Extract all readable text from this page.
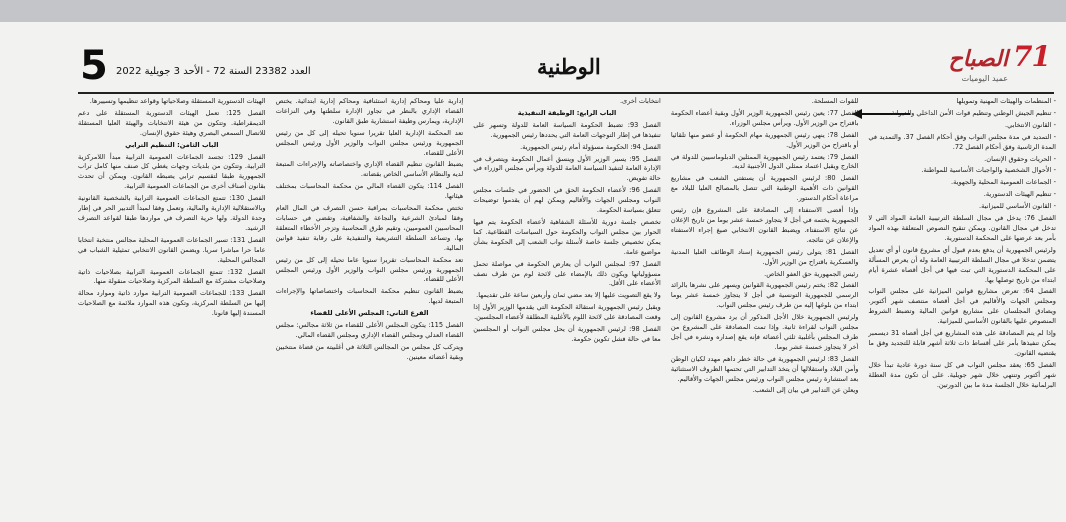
5 العدد 23382 السنة 72 - الأحد 3 جويلية 2022	الوطنية	71
الصباح
عميد اليوميات

- المنظمات والهيئات المهنية وتمويلها

- تنظيم الجيش الوطني وتنظيم قوات الأمن الداخلي والديوانة.

- القانون الانتخابي.

- التمديد في مدة مجلس النواب وفق أحكام الفصل 37. والتمديد في المدة الرئاسية وفق أحكام الفصل 72.

- الحريات وحقوق الإنسان.

- الأحوال الشخصية والواجبات الأساسية للمواطنة.

- الجماعات العمومية المحلية والجهوية.

- تنظيم الهيئات الدستورية.

- القانون الأساسي للميزانية.

الفصل 76: يدخل في مجال السلطة الترتيبية العامة المواد التي لا تدخل في مجال القانون. ويمكن تنقيح النصوص المتعلقة بهذه المواد بأمر بعد عرضها على المحكمة الدستورية.

ولرئيس الجمهورية أن يدفع بعدم قبول أي مشروع قانون أو أي تعديل يتضمن تدخلا في مجال السلطة الترتيبية العامة وله أن يعرض المسألة على المحكمة الدستورية التي تبت فيها في أجل أقصاه عشرة أيام ابتداء من تاريخ توصلها بها.

الفصل 64: تعرض مشاريع قوانين الميزانية على مجلس النواب ومجلس الجهات والأقاليم في أجل أقصاه منتصف شهر أكتوبر. ويصادق المجلسان على مشاريع قوانين المالية وتضبط الشروط المنصوص عليها بالقانون الأساسي للميزانية.

وإذا لم يتم المصادقة على هذه المشاريع في أجل أقصاه 31 ديسمبر يمكن تنفيذها بأمر على أقساط ذات ثلاثة أشهر قابلة للتجديد وفق ما يقتضيه القانون.

الفصل 65: يعقد مجلس النواب في كل سنة دورة عادية تبدأ خلال شهر أكتوبر وتنتهي خلال شهر جويلية. على أن تكون مدة العطلة البرلمانية خلال الجلسة مدة ما بين الدورتين.

للقوات المسلحة.

الفصل 77: يعين رئيس الجمهورية الوزير الأول وبقية أعضاء الحكومة باقتراح من الوزير الأول. ويرأس مجلس الوزراء.

الفصل 78: ينهي رئيس الجمهورية مهام الحكومة أو عضو منها تلقائيا أو باقتراح من الوزير الأول.

الفصل 79: يعتمد رئيس الجمهورية الممثلين الدبلوماسيين للدولة في الخارج ويقبل اعتماد ممثلي الدول الأجنبية لديه.

الفصل 80: لرئيس الجمهورية أن يستفتي الشعب في مشاريع القوانين ذات الأهمية الوطنية التي تتصل بالمصالح العليا للبلاد مع مراعاة أحكام الدستور.

وإذا أفضى الاستفتاء إلى المصادقة على المشروع فإن رئيس الجمهورية يختمه في أجل لا يتجاوز خمسة عشر يوما من تاريخ الإعلان عن نتائج الاستفتاء. ويضبط القانون الانتخابي صيغ إجراء الاستفتاء والإعلان عن نتائجه.

الفصل 81: يتولى رئيس الجمهورية إسناد الوظائف العليا المدنية والعسكرية باقتراح من الوزير الأول.

رئيس الجمهورية حق العفو الخاص.

الفصل 82: يختم رئيس الجمهورية القوانين ويسهر على نشرها بالرائد الرسمي للجمهورية التونسية في أجل لا يتجاوز خمسة عشر يوما ابتداء من بلوغها إليه من طرف رئيس مجلس النواب.

ولرئيس الجمهورية خلال الأجل المذكور أن يرد مشروع القانون إلى مجلس النواب لقراءة ثانية. وإذا تمت المصادقة على المشروع من طرف المجلس بأغلبية ثلثي أعضائه فإنه يقع إصداره ونشره في أجل آخر لا يتجاوز خمسة عشر يوما.

الفصل 83: لرئيس الجمهورية في حالة خطر داهم مهدد لكيان الوطن وأمن البلاد واستقلالها أن يتخذ التدابير التي تحتمها الظروف الاستثنائية بعد استشارة رئيس مجلس النواب ورئيس مجلس الجهات والأقاليم.

ويعلن عن التدابير في بيان إلى الشعب.

انتخابات أخرى.

الباب الرابع: الوظيفة التنفيذية

الفصل 93: تضبط الحكومة السياسة العامة للدولة وتسهر على تنفيذها في إطار التوجهات العامة التي يحددها رئيس الجمهورية.

الفصل 94: الحكومة مسؤولة أمام رئيس الجمهورية.

الفصل 95: يسير الوزير الأول وينسق أعمال الحكومة ويتصرف في الإدارة العامة لتنفيذ السياسة العامة للدولة ويرأس مجلس الوزراء في حالة تفويض.

الفصل 96: لأعضاء الحكومة الحق في الحضور في جلسات مجلس النواب ومجلس الجهات والأقاليم ويمكن لهم أن يقدموا توضيحات تتعلق بسياسة الحكومة.

تخصص جلسة دورية للأسئلة الشفاهية لأعضاء الحكومة يتم فيها الحوار بين مجلس النواب والحكومة حول السياسات القطاعية. كما يمكن تخصيص جلسة خاصة لأسئلة نواب الشعب إلى الحكومة بشأن مواضيع عامة.

الفصل 97: لمجلس النواب أن يعارض الحكومة في مواصلة تحمل مسؤولياتها ويكون ذلك بالإمضاء على لائحة لوم من طرف نصف الأعضاء على الأقل.

ولا يقع التصويت عليها إلا بعد مضي ثمان وأربعين ساعة على تقديمها.

ويقبل رئيس الجمهورية استقالة الحكومة التي يقدمها الوزير الأول إذا وقعت المصادقة على لائحة اللوم بالأغلبية المطلقة لأعضاء المجلسين.

الفصل 98: لرئيس الجمهورية أن يحل مجلس النواب أو المجلسين معا في حالة فشل تكوين حكومة.

إدارية عليا ومحاكم إدارية استئنافية ومحاكم إدارية ابتدائية. يختص القضاء الإداري بالنظر في تجاوز الإدارة سلطتها وفي النزاعات الإدارية، ويمارس وظيفة استشارية طبق القانون.

تعد المحكمة الإدارية العليا تقريرا سنويا تحيله إلى كل من رئيس الجمهورية ورئيس مجلس النواب والوزير الأول ورئيس المجلس الأعلى للقضاء.

يضبط القانون تنظيم القضاء الإداري واختصاصاته والإجراءات المتبعة لديه والنظام الأساسي الخاص بقضاته.

الفصل 114: يتكون القضاء المالي من محكمة المحاسبات بمختلف هيئاتها.

تختص محكمة المحاسبات بمراقبة حسن التصرف في المال العام وفقا لمبادئ الشرعية والنجاعة والشفافية، وتقضي في حسابات المحاسبين العموميين، وتقيم طرق المحاسبة وتزجر الأخطاء المتعلقة بها، وتساعد السلطة التشريعية والتنفيذية على رقابة تنفيذ قوانين المالية.

تعد محكمة المحاسبات تقريرا سنويا عاما تحيله إلى كل من رئيس الجمهورية ورئيس مجلس النواب والوزير الأول ورئيس المجلس الأعلى للقضاء.

يضبط القانون تنظيم محكمة المحاسبات واختصاصاتها والإجراءات المتبعة لديها.

الفرع الثاني: المجلس الأعلى للقضاء

الفصل 115: يتكون المجلس الأعلى للقضاء من ثلاثة مجالس: مجلس القضاء العدلي ومجلس القضاء الإداري ومجلس القضاء المالي.

ويتركب كل مجلس من المجالس الثلاثة في أغلبيته من قضاة منتخبين وبقية أعضائه معينين.

الهيئات الدستورية المستقلة وصلاحياتها وقواعد تنظيمها وتسييرها.

الفصل 125: تعمل الهيئات الدستورية المستقلة على دعم الديمقراطية. وتتكون من هيئة الانتخابات والهيئة العليا المستقلة للاتصال السمعي البصري وهيئة حقوق الإنسان.

الباب الثامن: التنظيم الترابي

الفصل 129: تجسد الجماعات العمومية الترابية مبدأ اللامركزية الترابية. وتتكون من بلديات وجهات يغطي كل صنف منها كامل تراب الجمهورية طبقا لتقسيم ترابي يضبطه القانون. ويمكن أن تحدث بقانون أصناف أخرى من الجماعات العمومية الترابية.

الفصل 130: تتمتع الجماعات العمومية الترابية بالشخصية القانونية وبالاستقلالية الإدارية والمالية، وتعمل وفقا لمبدأ التدبير الحر في إطار وحدة الدولة. ولها حرية التصرف في مواردها طبقا لقواعد التصرف الرشيد.

الفصل 131: تسير الجماعات العمومية المحلية مجالس منتخبة انتخابا عاما حرا مباشرا سريا. ويضمن القانون الانتخابي تمثيلية الشباب في المجالس المحلية.

الفصل 132: تتمتع الجماعات العمومية الترابية بصلاحيات ذاتية وصلاحيات مشتركة مع السلطة المركزية وصلاحيات منقولة منها.

الفصل 133: للجماعات العمومية الترابية موارد ذاتية وموارد محالة إليها من السلطة المركزية، وتكون هذه الموارد ملائمة مع الصلاحيات المسندة إليها قانونا.
